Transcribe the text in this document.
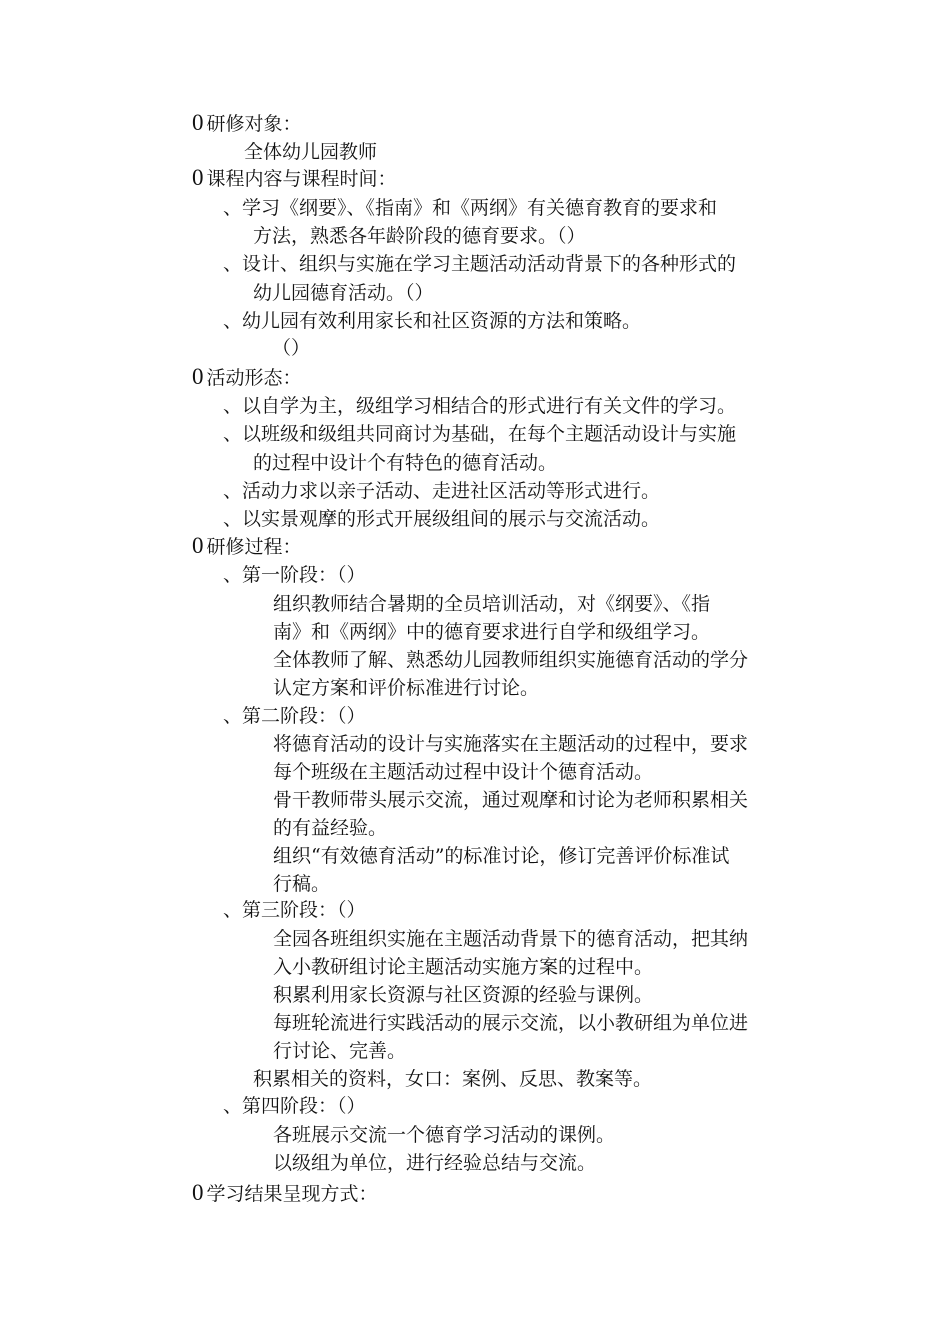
0 研修对象：
全体幼儿园教师
0 课程内容与课程时间：
、学习《纲要》、《指南》和《两纲》有关德育教育的要求和
方法，熟悉各年龄阶段的德育要求。（）
、设计、组织与实施在学习主题活动活动背景下的各种形式的
幼儿园德育活动。（）
、幼儿园有效利用家长和社区资源的方法和策略。
（）
0 活动形态：
、以自学为主，级组学习相结合的形式进行有关文件的学习。
、以班级和级组共同商讨为基础，在每个主题活动设计与实施
的过程中设计个有特色的德育活动。
、活动力求以亲子活动、走进社区活动等形式进行。
、以实景观摩的形式开展级组间的展示与交流活动。
0 研修过程：
、第一阶段：（）
组织教师结合暑期的全员培训活动，对《纲要》、《指
南》和《两纲》中的德育要求进行自学和级组学习。
全体教师了解、熟悉幼儿园教师组织实施德育活动的学分
认定方案和评价标准进行讨论。
、第二阶段：（）
将德育活动的设计与实施落实在主题活动的过程中，要求
每个班级在主题活动过程中设计个德育活动。
骨干教师带头展示交流，通过观摩和讨论为老师积累相关
的有益经验。
组织“有效德育活动”的标准讨论，修订完善评价标准试
行稿。
、第三阶段：（）
全园各班组织实施在主题活动背景下的德育活动，把其纳
入小教研组讨论主题活动实施方案的过程中。
积累利用家长资源与社区资源的经验与课例。
每班轮流进行实践活动的展示交流，以小教研组为单位进
行讨论、完善。
积累相关的资料，女口：案例、反思、教案等。
、第四阶段：（）
各班展示交流一个德育学习活动的课例。
以级组为单位，进行经验总结与交流。
0 学习结果呈现方式：
